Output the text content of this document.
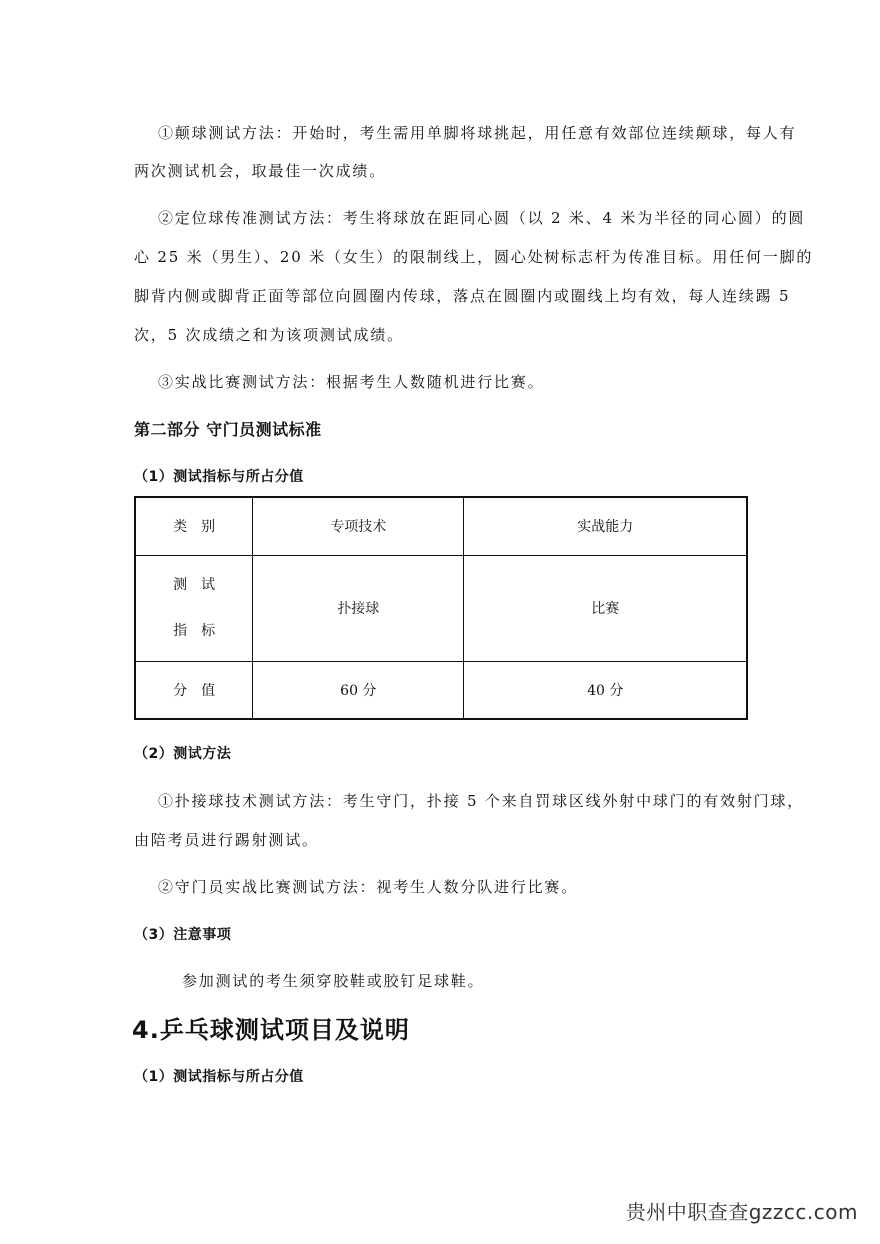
①颠球测试方法：开始时，考生需用单脚将球挑起，用任意有效部位连续颠球，每人有
两次测试机会，取最佳一次成绩。
②定位球传准测试方法：考生将球放在距同心圆（以 2 米、4 米为半径的同心圆）的圆
心 25 米（男生）、20 米（女生）的限制线上，圆心处树标志杆为传准目标。用任何一脚的
脚背内侧或脚背正面等部位向圆圈内传球，落点在圆圈内或圈线上均有效，每人连续踢 5
次，5 次成绩之和为该项测试成绩。
③实战比赛测试方法：根据考生人数随机进行比赛。
第二部分 守门员测试标准
（1）测试指标与所占分值
类　别	专项技术	实战能力

测　试
指　标	扑接球	比赛
分　值	60 分	40 分
（2）测试方法
①扑接球技术测试方法：考生守门，扑接 5 个来自罚球区线外射中球门的有效射门球，
由陪考员进行踢射测试。
②守门员实战比赛测试方法：视考生人数分队进行比赛。
（3）注意事项
参加测试的考生须穿胶鞋或胶钉足球鞋。
4.乒乓球测试项目及说明
（1）测试指标与所占分值
贵州中职查查gzzcc.com
